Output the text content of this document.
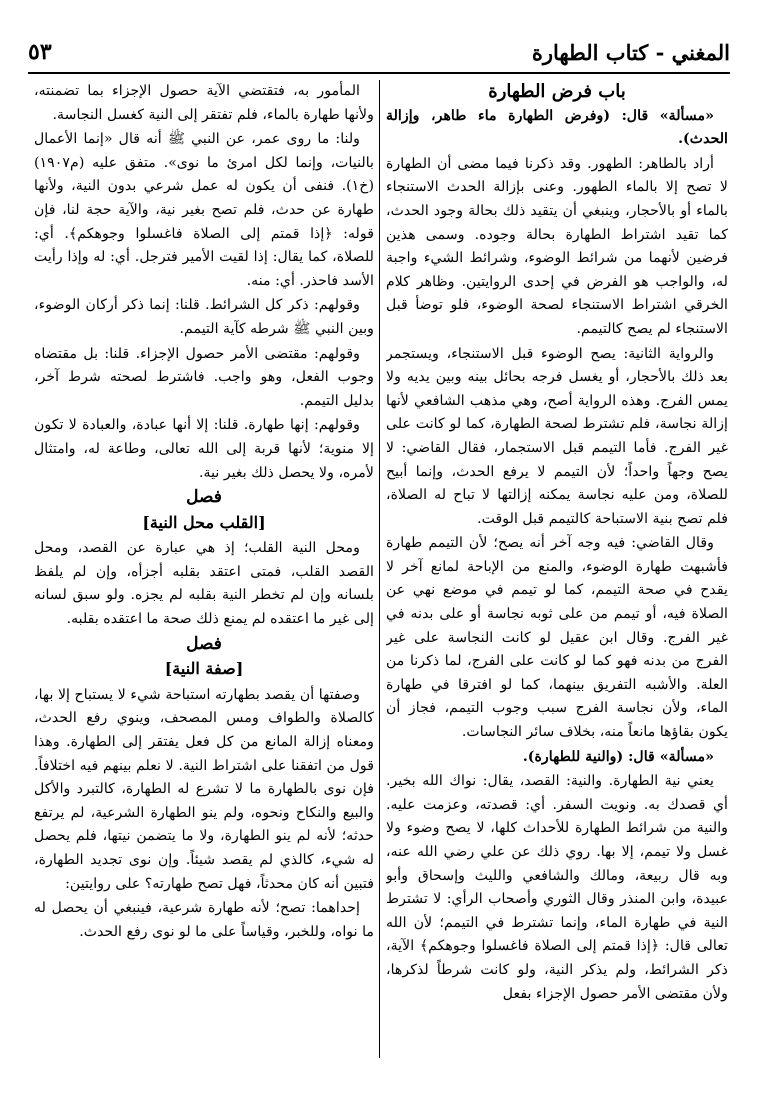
المغني - كتاب الطهارة
٥٣

باب فرض الطهارة

«مسألة» قال: (وفرض الطهارة ماء طاهر، وإزالة الحدث).

أراد بالطاهر: الطهور. وقد ذكرنا فيما مضى أن الطهارة لا تصح إلا بالماء الطهور. وعنى بإزالة الحدث الاستنجاء بالماء أو بالأحجار، وينبغي أن يتقيد ذلك بحالة وجود الحدث، كما تقيد اشتراط الطهارة بحالة وجوده. وسمى هذين فرضين لأنهما من شرائط الوضوء، وشرائط الشيء واجبة له، والواجب هو الفرض في إحدى الروايتين. وظاهر كلام الخرقي اشتراط الاستنجاء لصحة الوضوء، فلو توضأ قبل الاستنجاء لم يصح كالتيمم.

والرواية الثانية: يصح الوضوء قبل الاستنجاء، ويستجمر بعد ذلك بالأحجار، أو يغسل فرجه بحائل بينه وبين يديه ولا يمس الفرج. وهذه الرواية أصح، وهي مذهب الشافعي لأنها إزالة نجاسة، فلم تشترط لصحة الطهارة، كما لو كانت على غير الفرج. فأما التيمم قبل الاستجمار، فقال القاضي: لا يصح وجهاً واحداً؛ لأن التيمم لا يرفع الحدث، وإنما أبيح للصلاة، ومن عليه نجاسة يمكنه إزالتها لا تباح له الصلاة، فلم تصح بنية الاستباحة كالتيمم قبل الوقت.

وقال القاضي: فيه وجه آخر أنه يصح؛ لأن التيمم طهارة فأشبهت طهارة الوضوء، والمنع من الإباحة لمانع آخر لا يقدح في صحة التيمم، كما لو تيمم في موضع نهي عن الصلاة فيه، أو تيمم من على ثوبه نجاسة أو على بدنه في غير الفرج. وقال ابن عقيل لو كانت النجاسة على غير الفرج من بدنه فهو كما لو كانت على الفرج، لما ذكرنا من العلة. والأشبه التفريق بينهما، كما لو افترقا في طهارة الماء، ولأن نجاسة الفرج سبب وجوب التيمم، فجاز أن يكون بقاؤها مانعاً منه، بخلاف سائر النجاسات.

«مسألة» قال: (والنية للطهارة).

يعني نية الطهارة. والنية: القصد، يقال: نواك الله بخير. أي قصدك به. ونويت السفر. أي: قصدته، وعزمت عليه. والنية من شرائط الطهارة للأحداث كلها، لا يصح وضوء ولا غسل ولا تيمم، إلا بها. روي ذلك عن علي رضي الله عنه، وبه قال ربيعة، ومالك والشافعي والليث وإسحاق وأبو عبيدة، وابن المنذر وقال الثوري وأصحاب الرأي: لا تشترط النية في طهارة الماء، وإنما تشترط في التيمم؛ لأن الله تعالى قال: ﴿إذا قمتم إلى الصلاة فاغسلوا وجوهكم﴾ الآية، ذكر الشرائط، ولم يذكر النية، ولو كانت شرطاً لذكرها، ولأن مقتضى الأمر حصول الإجزاء بفعل

المأمور به، فتقتضي الآية حصول الإجزاء بما تضمنته، ولأنها طهارة بالماء، فلم تفتقر إلى النية كغسل النجاسة.

ولنا: ما روى عمر، عن النبي ﷺ أنه قال «إنما الأعمال بالنيات، وإنما لكل امرئ ما نوى». متفق عليه (م١٩٠٧) (خ١). فنفى أن يكون له عمل شرعي بدون النية، ولأنها طهارة عن حدث، فلم تصح بغير نية، والآية حجة لنا، فإن قوله: ﴿إذا قمتم إلى الصلاة فاغسلوا وجوهكم﴾. أي: للصلاة، كما يقال: إذا لقيت الأمير فترجل. أي: له وإذا رأيت الأسد فاحذر. أي: منه.

وقولهم: ذكر كل الشرائط. قلنا: إنما ذكر أركان الوضوء، وبين النبي ﷺ شرطه كآية التيمم.

وقولهم: مقتضى الأمر حصول الإجزاء. قلنا: بل مقتضاه وجوب الفعل، وهو واجب. فاشترط لصحته شرط آخر، بدليل التيمم.

وقولهم: إنها طهارة. قلنا: إلا أنها عبادة، والعبادة لا تكون إلا منوية؛ لأنها قربة إلى الله تعالى، وطاعة له، وامتثال لأمره، ولا يحصل ذلك بغير نية.

فصل

[القلب محل النية]

ومحل النية القلب؛ إذ هي عبارة عن القصد، ومحل القصد القلب، فمتى اعتقد بقلبه أجزأه، وإن لم يلفظ بلسانه وإن لم تخطر النية بقلبه لم يجزه. ولو سبق لسانه إلى غير ما اعتقده لم يمنع ذلك صحة ما اعتقده بقلبه.

فصل

[صفة النية]

وصفتها أن يقصد بطهارته استباحة شيء لا يستباح إلا بها، كالصلاة والطواف ومس المصحف، وينوي رفع الحدث، ومعناه إزالة المانع من كل فعل يفتقر إلى الطهارة. وهذا قول من اتفقنا على اشتراط النية. لا نعلم بينهم فيه اختلافاً. فإن نوى بالطهارة ما لا تشرع له الطهارة، كالتبرد والأكل والبيع والنكاح ونحوه، ولم ينو الطهارة الشرعية، لم يرتفع حدثه؛ لأنه لم ينو الطهارة، ولا ما يتضمن نيتها، فلم يحصل له شيء، كالذي لم يقصد شيئاً. وإن نوى تجديد الطهارة، فتبين أنه كان محدثاً، فهل تصح طهارته؟ على روايتين:

إحداهما: تصح؛ لأنه طهارة شرعية، فينبغي أن يحصل له ما نواه، وللخبر، وقياساً على ما لو نوى رفع الحدث.
